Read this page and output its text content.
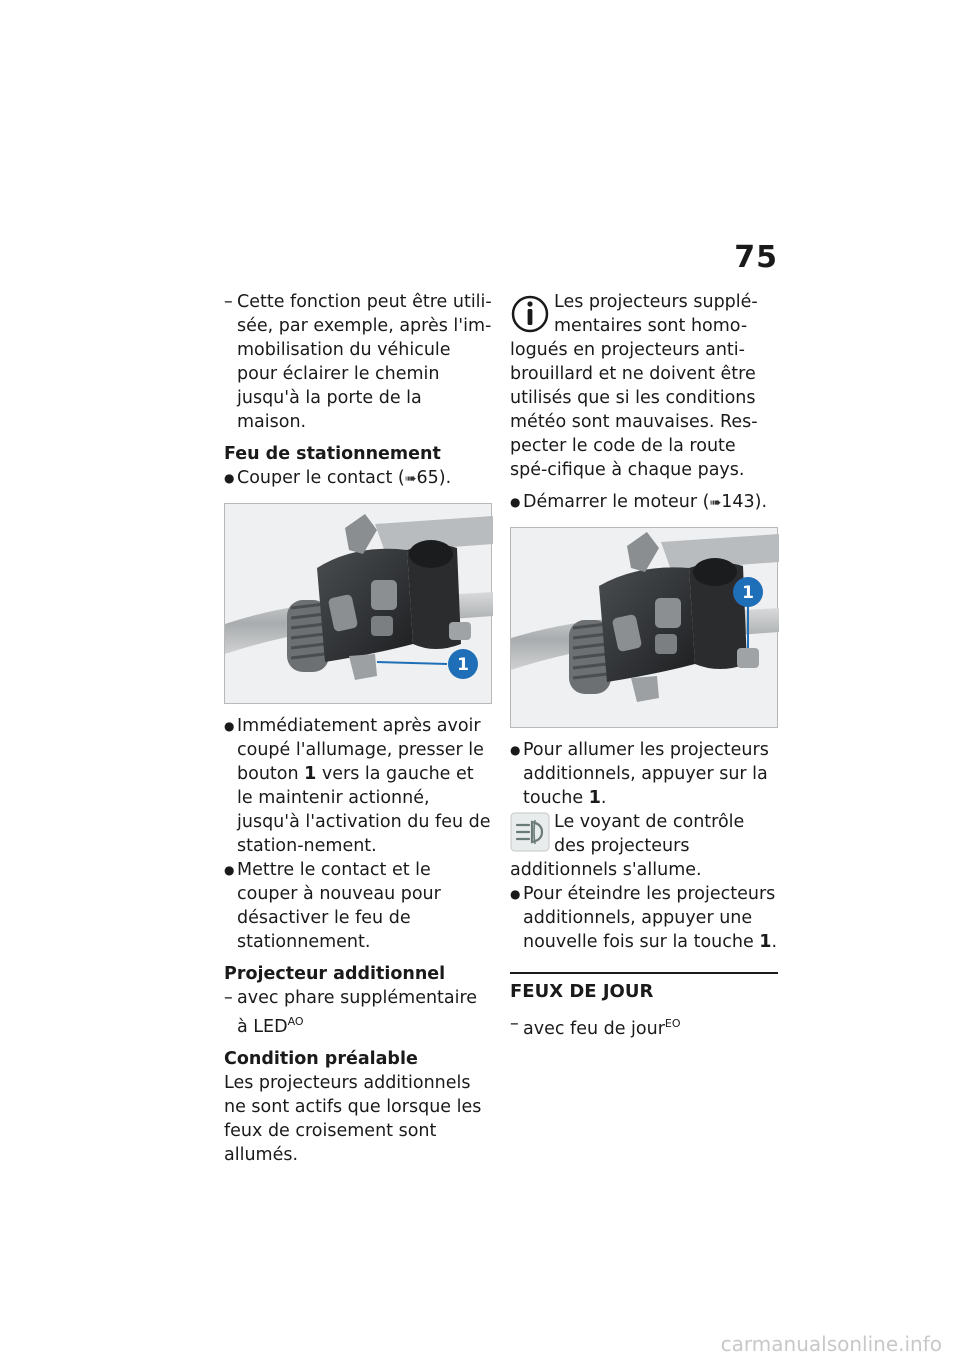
75
– Cette fonction peut être utili-sée, par exemple, après l'im-mobilisation du véhicule pour éclairer le chemin jusqu'à la porte de la maison.
Feu de stationnement
● Couper le contact (➠65).
1
● Immédiatement après avoir coupé l'allumage, presser le bouton 1 vers la gauche et le maintenir actionné, jusqu'à l'activation du feu de station-nement.
● Mettre le contact et le couper à nouveau pour désactiver le feu de stationnement.
Projecteur additionnel
– avec phare supplémentaire à $LED^{AO}$
Condition préalable

Les projecteurs additionnels ne sont actifs que lorsque les feux de croisement sont allumés.

Les projecteurs supplé-mentaires sont homo-logués en projecteurs anti-brouillard et ne doivent être utilisés que si les conditions météo sont mauvaises. Res-pecter le code de la route spé-cifique à chaque pays.
● Démarrer le moteur (➠143).
1
● Pour allumer les projecteurs additionnels, appuyer sur la touche 1.
Le voyant de contrôle des projecteurs additionnels s'allume.
● Pour éteindre les projecteurs additionnels, appuyer une nouvelle fois sur la touche 1.
FEUX DE JOUR
– avec feu de jour$^{EO}$
carmanualsonline.info
